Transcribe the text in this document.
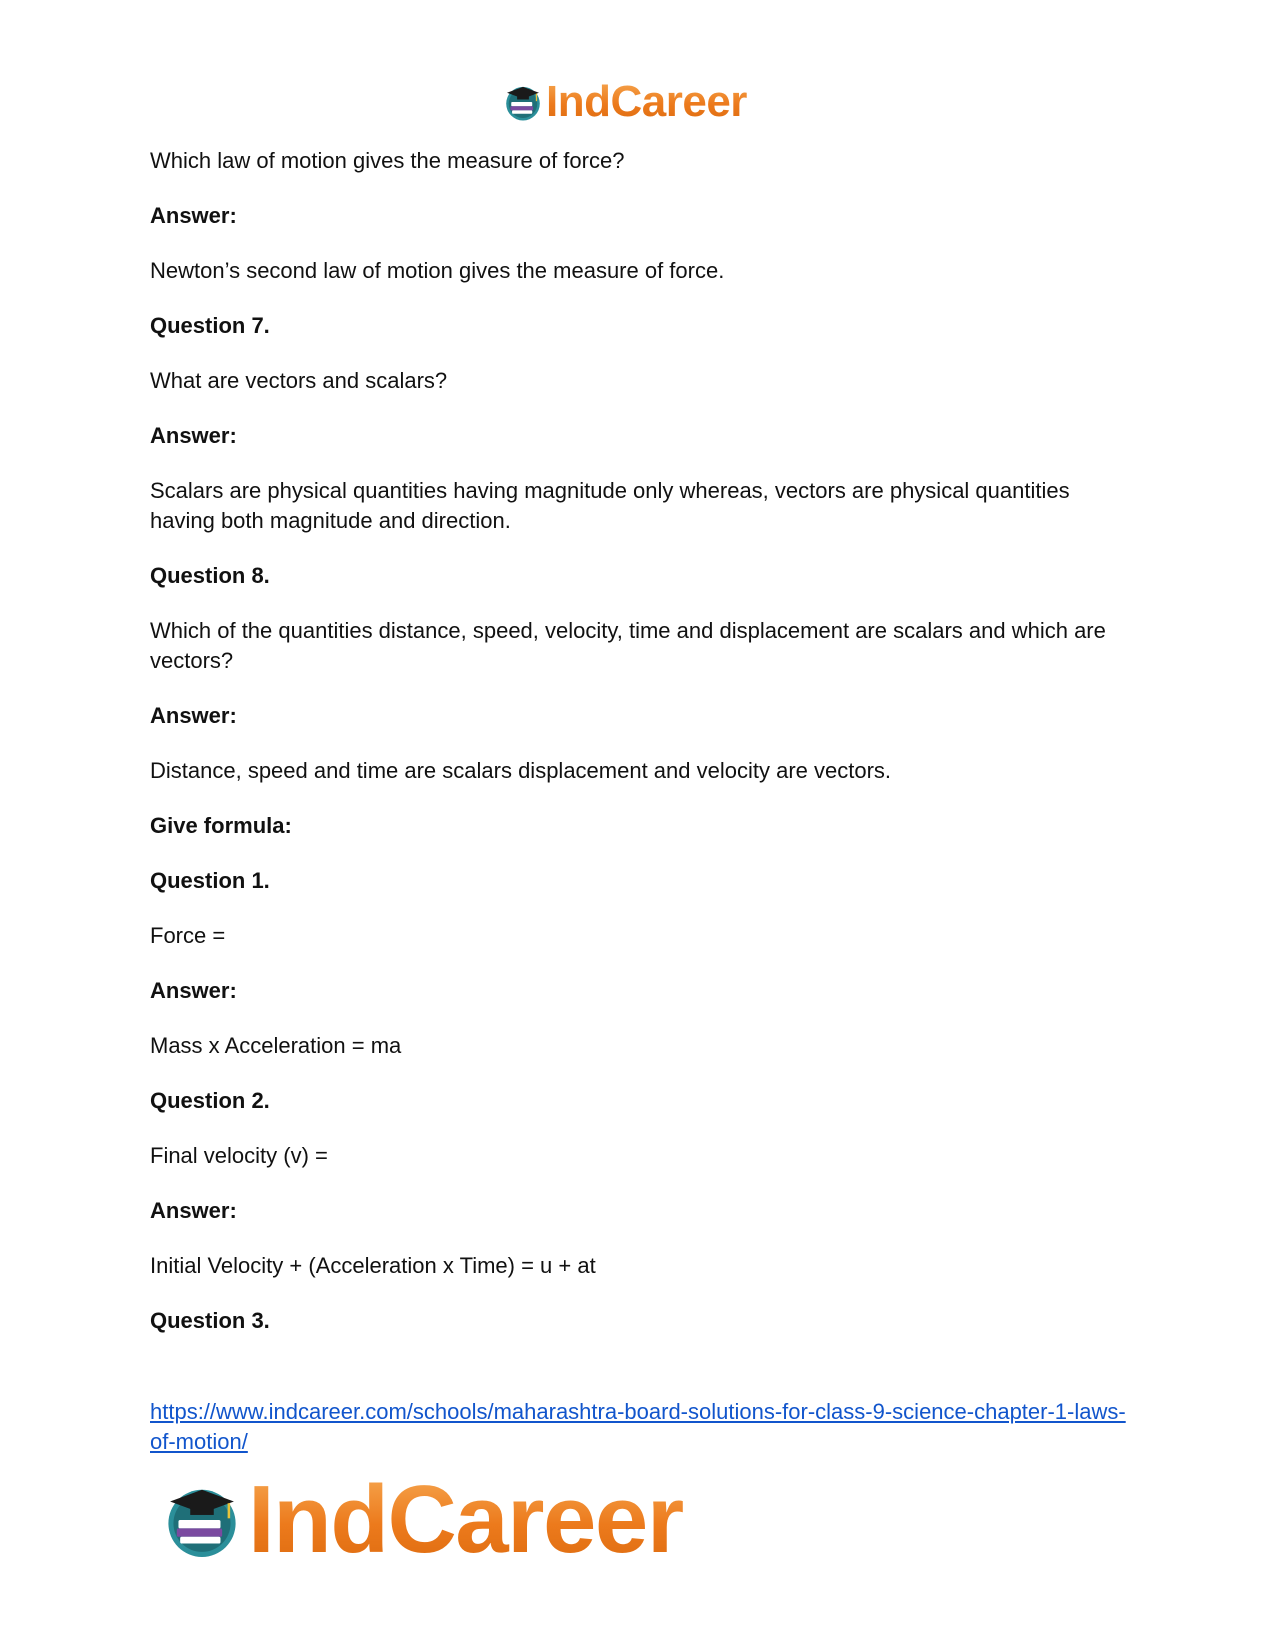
IndCareer

Which law of motion gives the measure of force?

Answer:

Newton’s second law of motion gives the measure of force.

Question 7.

What are vectors and scalars?

Answer:

Scalars are physical quantities having magnitude only whereas, vectors are physical quantities having both magnitude and direction.

Question 8.

Which of the quantities distance, speed, velocity, time and displacement are scalars and which are vectors?

Answer:

Distance, speed and time are scalars displacement and velocity are vectors.

Give formula:

Question 1.

Force =

Answer:

Mass x Acceleration = ma

Question 2.

Final velocity (v) =

Answer:

Initial Velocity + (Acceleration x Time) = u + at

Question 3.

https://www.indcareer.com/schools/maharashtra-board-solutions-for-class-9-science-chapter-1-laws-of-motion/
IndCareer
